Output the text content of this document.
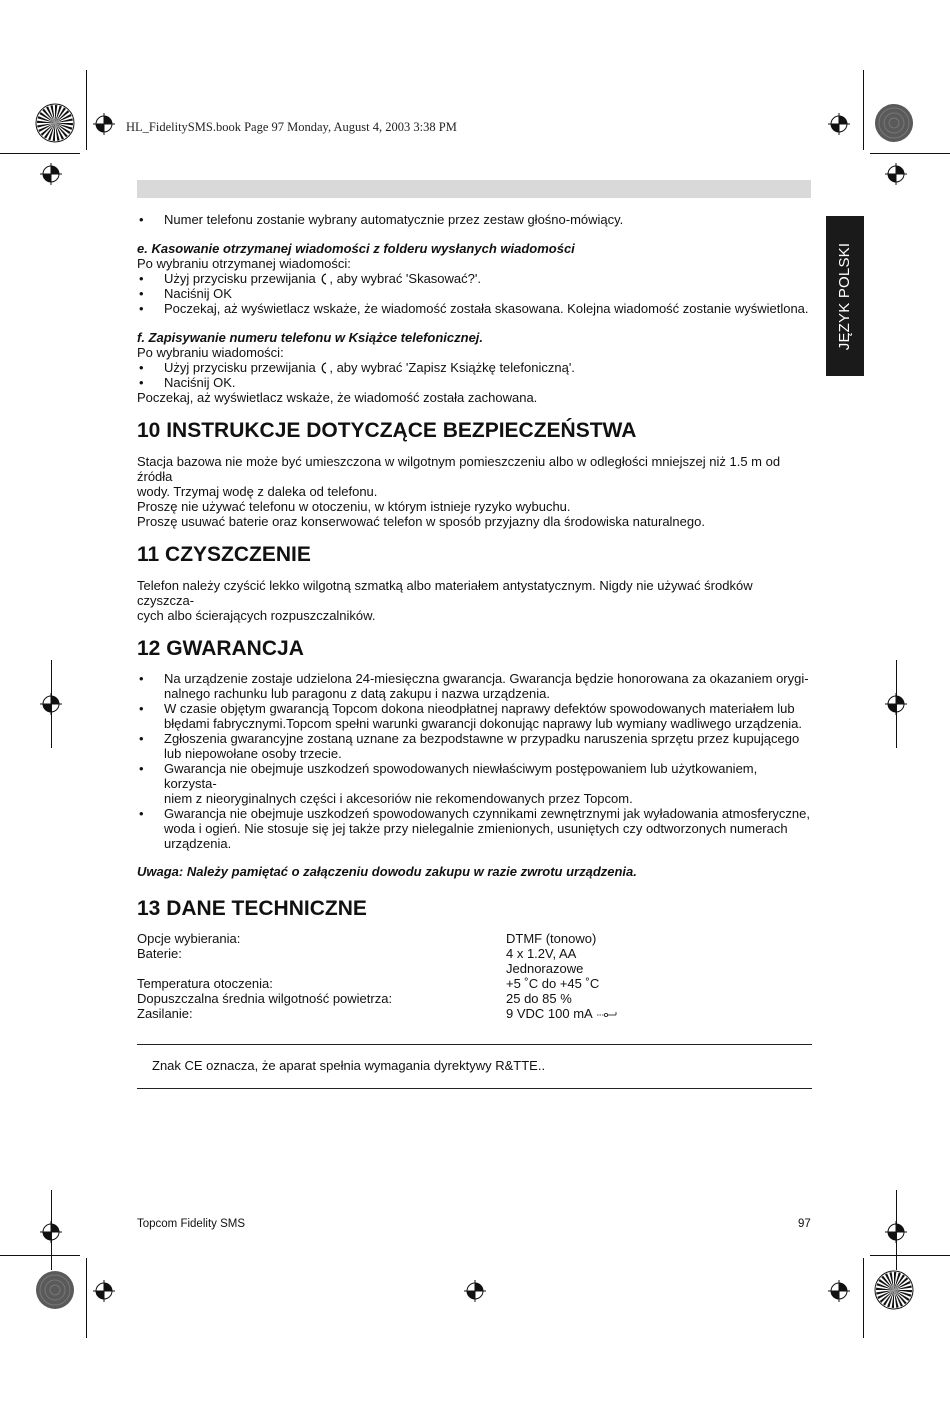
HL_FidelitySMS.book Page 97 Monday, August 4, 2003 3:38 PM
JĘZYK POLSKI
•	Numer telefonu zostanie wybrany automatycznie przez zestaw głośno-mówiący.

e. Kasowanie otrzymanej wiadomości z folderu wysłanych wiadomości

Po wybraniu otrzymanej wiadomości:

•	Użyj przycisku przewijania , aby wybrać 'Skasować?'.
•	Naciśnij OK
•	Poczekaj, aż wyświetlacz wskaże, że wiadomość została skasowana. Kolejna wiadomość zostanie wyświetlona.

f. Zapisywanie numeru telefonu w Książce telefonicznej.

Po wybraniu wiadomości:

•	Użyj przycisku przewijania , aby wybrać 'Zapisz Książkę telefoniczną'.
•	Naciśnij OK.

Poczekaj, aż wyświetlacz wskaże, że wiadomość została zachowana.

10 INSTRUKCJE DOTYCZĄCE BEZPIECZEŃSTWA

Stacja bazowa nie może być umieszczona w wilgotnym pomieszczeniu albo w odległości mniejszej niż 1.5 m od źródła

wody. Trzymaj wodę z daleka od telefonu.

Proszę nie używać telefonu w otoczeniu, w którym istnieje ryzyko wybuchu.

Proszę usuwać baterie oraz konserwować telefon w sposób przyjazny dla środowiska naturalnego.

11 CZYSZCZENIE

Telefon należy czyścić lekko wilgotną szmatką albo materiałem antystatycznym. Nigdy nie używać środków czyszcza-

cych albo ścierających rozpuszczalników.

12 GWARANCJA
•	Na urządzenie zostaje udzielona 24-miesięczna gwarancja. Gwarancja będzie honorowana za okazaniem orygi-
nalnego rachunku lub paragonu z datą zakupu i nazwa urządzenia.
•	W czasie objętym gwarancją Topcom dokona nieodpłatnej naprawy defektów spowodowanych materiałem lub
błędami fabrycznymi.Topcom spełni warunki gwarancji dokonując naprawy lub wymiany wadliwego urządzenia.
•	Zgłoszenia gwarancyjne zostaną uznane za bezpodstawne w przypadku naruszenia sprzętu przez kupującego
lub niepowołane osoby trzecie.
•	Gwarancja nie obejmuje uszkodzeń spowodowanych niewłaściwym postępowaniem lub użytkowaniem, korzysta-
niem z nieoryginalnych części i akcesoriów nie rekomendowanych przez Topcom.
•	Gwarancja nie obejmuje uszkodzeń spowodowanych czynnikami zewnętrznymi jak wyładowania atmosferyczne,
woda i ogień. Nie stosuje się jej także przy nielegalnie zmienionych, usuniętych czy odtworzonych numerach
urządzenia.

Uwaga: Należy pamiętać o załączeniu dowodu zakupu w razie zwrotu urządzenia.

13 DANE TECHNICZNE
Opcje wybierania:	DTMF (tonowo)
Baterie:	4 x 1.2V, AA
Jednorazowe
Temperatura otoczenia:	+5 ˚C do +45 ˚C
Dopuszczalna średnia wilgotność powietrza:	25 do 85 %
Zasilanie:	9 VDC 100 mA

Znak CE oznacza, że aparat spełnia wymagania dyrektywy R&TTE..

Topcom Fidelity SMS	97
